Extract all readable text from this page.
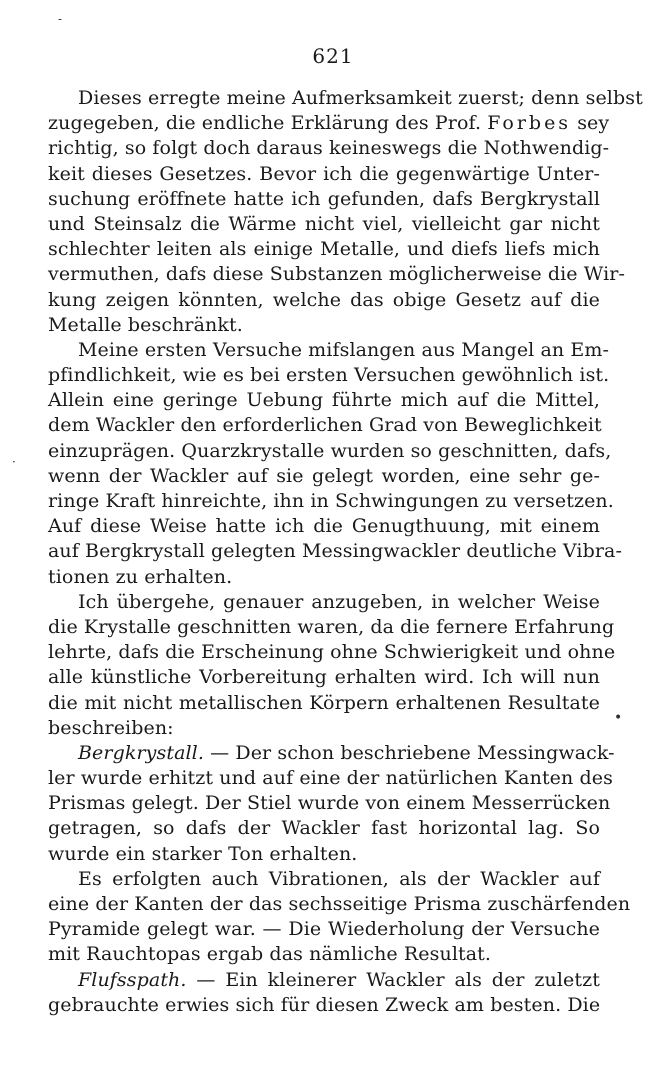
-
·
•
621
Dieses erregte meine Aufmerksamkeit zuerst; denn selbst
zugegeben, die endliche Erklärung des Prof. Forbes sey
richtig, so folgt doch daraus keineswegs die Nothwendig-
keit dieses Gesetzes. Bevor ich die gegenwärtige Unter-
suchung eröffnete hatte ich gefunden, dafs Bergkrystall
und Steinsalz die Wärme nicht viel, vielleicht gar nicht
schlechter leiten als einige Metalle, und diefs liefs mich
vermuthen, dafs diese Substanzen möglicherweise die Wir-
kung zeigen könnten, welche das obige Gesetz auf die
Metalle beschränkt.
Meine ersten Versuche mifslangen aus Mangel an Em-
pfindlichkeit, wie es bei ersten Versuchen gewöhnlich ist.
Allein eine geringe Uebung führte mich auf die Mittel,
dem Wackler den erforderlichen Grad von Beweglichkeit
einzuprägen. Quarzkrystalle wurden so geschnitten, dafs,
wenn der Wackler auf sie gelegt worden, eine sehr ge-
ringe Kraft hinreichte, ihn in Schwingungen zu versetzen.
Auf diese Weise hatte ich die Genugthuung, mit einem
auf Bergkrystall gelegten Messingwackler deutliche Vibra-
tionen zu erhalten.
Ich übergehe, genauer anzugeben, in welcher Weise
die Krystalle geschnitten waren, da die fernere Erfahrung
lehrte, dafs die Erscheinung ohne Schwierigkeit und ohne
alle künstliche Vorbereitung erhalten wird. Ich will nun
die mit nicht metallischen Körpern erhaltenen Resultate
beschreiben:
Bergkrystall. — Der schon beschriebene Messingwack-
ler wurde erhitzt und auf eine der natürlichen Kanten des
Prismas gelegt. Der Stiel wurde von einem Messerrücken
getragen, so dafs der Wackler fast horizontal lag. So
wurde ein starker Ton erhalten.
Es erfolgten auch Vibrationen, als der Wackler auf
eine der Kanten der das sechsseitige Prisma zuschärfenden
Pyramide gelegt war. — Die Wiederholung der Versuche
mit Rauchtopas ergab das nämliche Resultat.
Flufsspath. — Ein kleinerer Wackler als der zuletzt
gebrauchte erwies sich für diesen Zweck am besten. Die
